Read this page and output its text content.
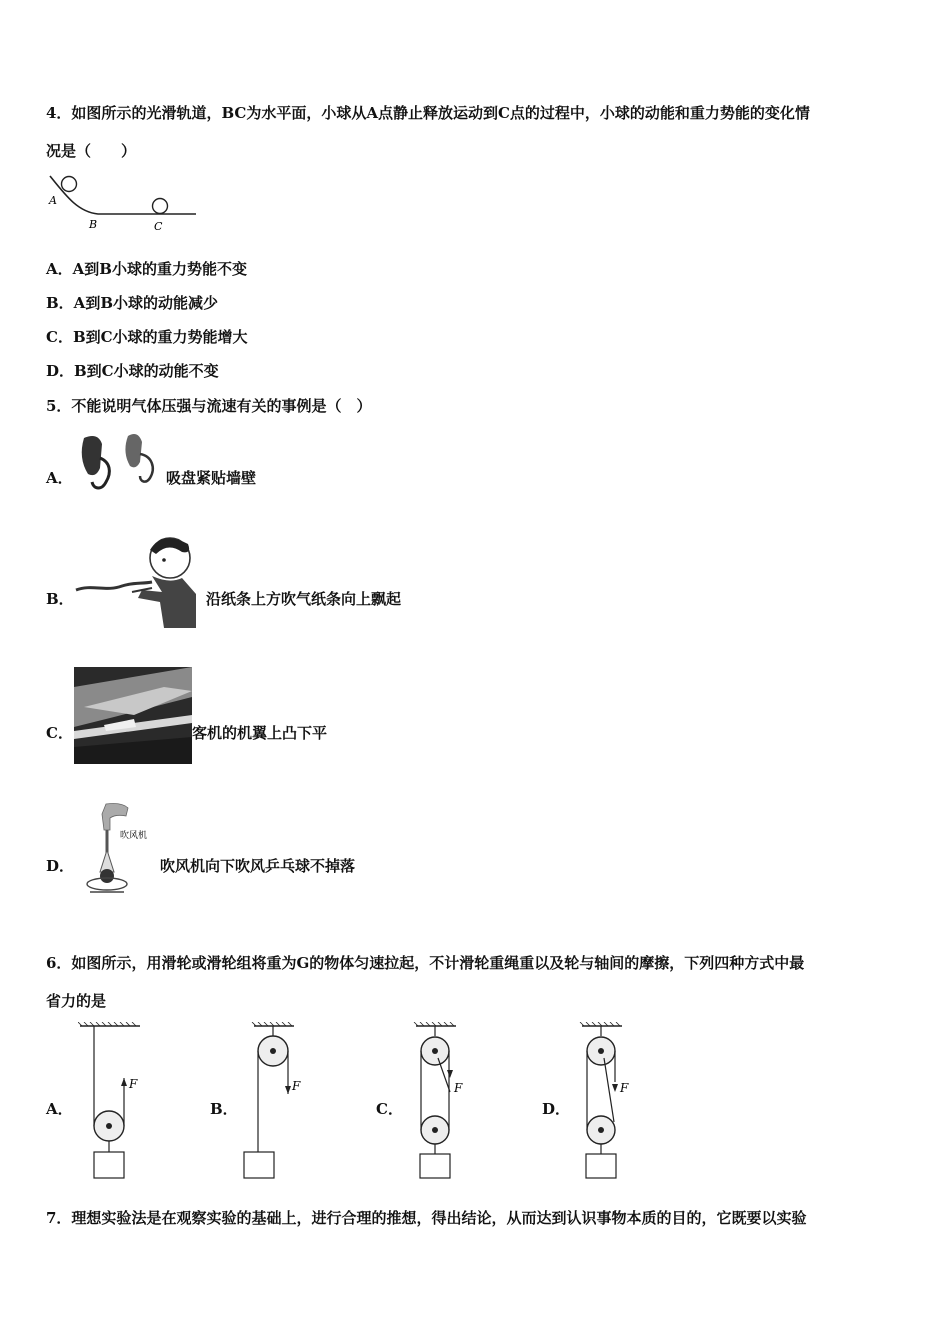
4．如图所示的光滑轨道，BC为水平面，小球从A点静止释放运动到C点的过程中，小球的动能和重力势能的变化情
况是（　　）
A
B	C
A．A到B小球的重力势能不变
B．A到B小球的动能减少
C．B到C小球的重力势能增大
D．B到C小球的动能不变
5．不能说明气体压强与流速有关的事例是（　）
A．	吸盘紧贴墙壁
B．	沿纸条上方吹气纸条向上飘起
C．	客机的机翼上凸下平
D．
吹风机
吹风机向下吹风乒乓球不掉落
6．如图所示，用滑轮或滑轮组将重为G的物体匀速拉起，不计滑轮重绳重以及轮与轴间的摩擦，下列四种方式中最
省力的是
A．
F
B．
F
C．
F
D．
F
7．理想实验法是在观察实验的基础上，进行合理的推想，得出结论，从而达到认识事物本质的目的，它既要以实验
